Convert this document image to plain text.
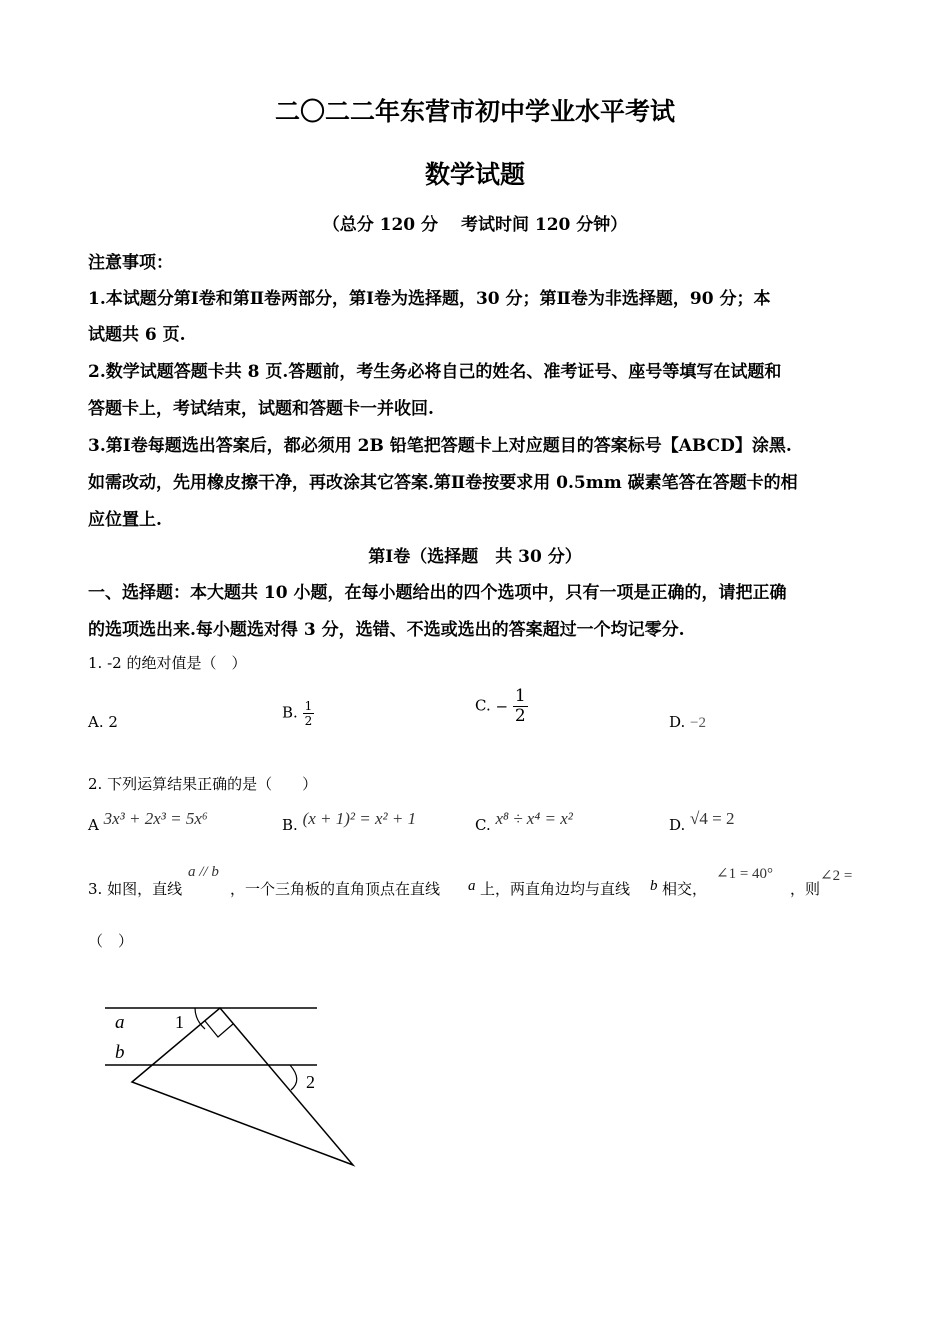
二〇二二年东营市初中学业水平考试
数学试题
（总分 120 分　 考试时间 120 分钟）
注意事项：
1.本试题分第Ⅰ卷和第Ⅱ卷两部分，第Ⅰ卷为选择题，30 分；第Ⅱ卷为非选择题，90 分；本
试题共 6 页.
2.数学试题答题卡共 8 页.答题前，考生务必将自己的姓名、准考证号、座号等填写在试题和
答题卡上，考试结束，试题和答题卡一并收回.
3.第Ⅰ卷每题选出答案后，都必须用 2B 铅笔把答题卡上对应题目的答案标号【ABCD】涂黑.
如需改动，先用橡皮擦干净，再改涂其它答案.第Ⅱ卷按要求用 0.5mm 碳素笔答在答题卡的相
应位置上.
第Ⅰ卷（选择题　共 30 分）
一、选择题：本大题共 10 小题，在每小题给出的四个选项中，只有一项是正确的，请把正确
的选项选出来.每小题选对得 3 分，选错、不选或选出的答案超过一个均记零分.
1. -2 的绝对值是（　）
A. 2
B. $\frac{1}{2}$	C. − $\frac{1}{2}$	D. −2
2. 下列运算结果正确的是（　　）
A 3x³ + 2x³ = 5x⁶	B. (x + 1)² = x² + 1	C. x⁸ ÷ x⁴ = x²	D. √4 = 2
3. 如图，直线
a // b
，一个三角板的直角顶点在直线 a 上，两直角边均与直线 b 相交，
∠1 = 40°
，则
∠2 =
（　）
a
b
1
2
